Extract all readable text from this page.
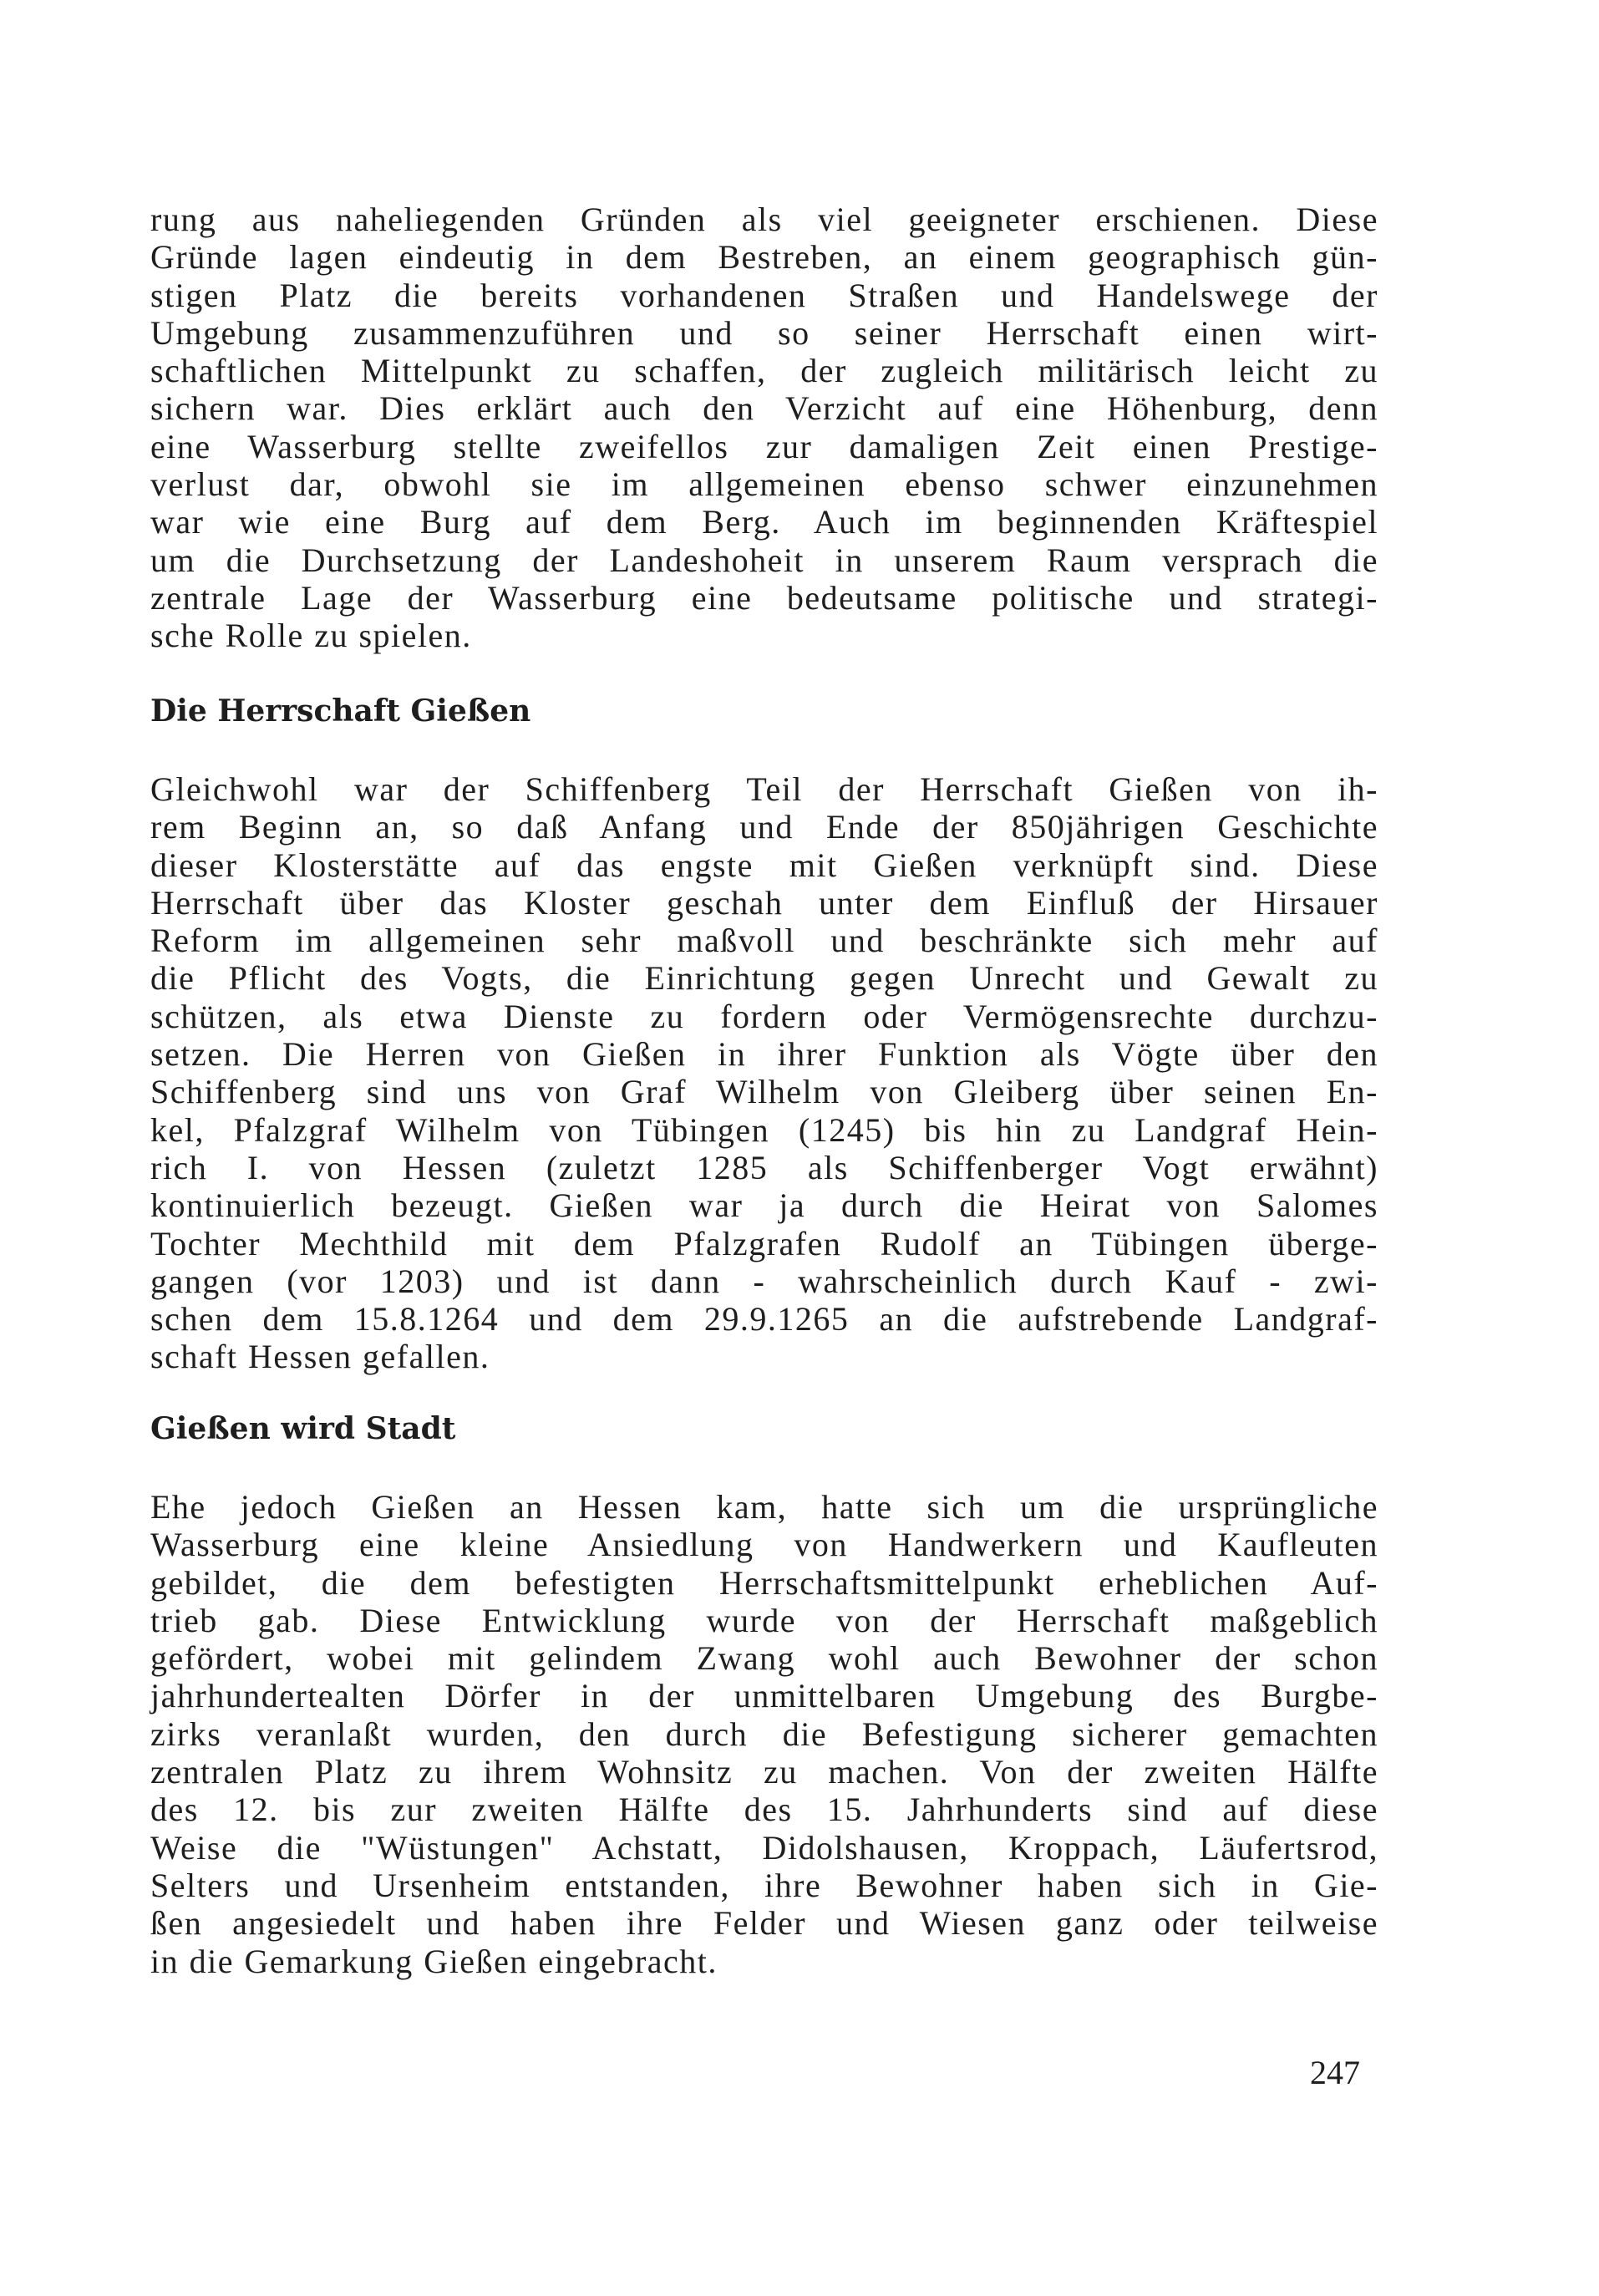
rung aus naheliegenden Gründen als viel geeigneter erschienen. Diese
Gründe lagen eindeutig in dem Bestreben, an einem geographisch gün-
stigen Platz die bereits vorhandenen Straßen und Handelswege der
Umgebung zusammenzuführen und so seiner Herrschaft einen wirt-
schaftlichen Mittelpunkt zu schaffen, der zugleich militärisch leicht zu
sichern war. Dies erklärt auch den Verzicht auf eine Höhenburg, denn
eine Wasserburg stellte zweifellos zur damaligen Zeit einen Prestige-
verlust dar, obwohl sie im allgemeinen ebenso schwer einzunehmen
war wie eine Burg auf dem Berg. Auch im beginnenden Kräftespiel
um die Durchsetzung der Landeshoheit in unserem Raum versprach die
zentrale Lage der Wasserburg eine bedeutsame politische und strategi-
sche Rolle zu spielen.
Die Herrschaft Gießen
Gleichwohl war der Schiffenberg Teil der Herrschaft Gießen von ih-
rem Beginn an, so daß Anfang und Ende der 850jährigen Geschichte
dieser Klosterstätte auf das engste mit Gießen verknüpft sind. Diese
Herrschaft über das Kloster geschah unter dem Einfluß der Hirsauer
Reform im allgemeinen sehr maßvoll und beschränkte sich mehr auf
die Pflicht des Vogts, die Einrichtung gegen Unrecht und Gewalt zu
schützen, als etwa Dienste zu fordern oder Vermögensrechte durchzu-
setzen. Die Herren von Gießen in ihrer Funktion als Vögte über den
Schiffenberg sind uns von Graf Wilhelm von Gleiberg über seinen En-
kel, Pfalzgraf Wilhelm von Tübingen (1245) bis hin zu Landgraf Hein-
rich I. von Hessen (zuletzt 1285 als Schiffenberger Vogt erwähnt)
kontinuierlich bezeugt. Gießen war ja durch die Heirat von Salomes
Tochter Mechthild mit dem Pfalzgrafen Rudolf an Tübingen überge-
gangen (vor 1203) und ist dann - wahrscheinlich durch Kauf - zwi-
schen dem 15.8.1264 und dem 29.9.1265 an die aufstrebende Landgraf-
schaft Hessen gefallen.
Gießen wird Stadt
Ehe jedoch Gießen an Hessen kam, hatte sich um die ursprüngliche
Wasserburg eine kleine Ansiedlung von Handwerkern und Kaufleuten
gebildet, die dem befestigten Herrschaftsmittelpunkt erheblichen Auf-
trieb gab. Diese Entwicklung wurde von der Herrschaft maßgeblich
gefördert, wobei mit gelindem Zwang wohl auch Bewohner der schon
jahrhundertealten Dörfer in der unmittelbaren Umgebung des Burgbe-
zirks veranlaßt wurden, den durch die Befestigung sicherer gemachten
zentralen Platz zu ihrem Wohnsitz zu machen. Von der zweiten Hälfte
des 12. bis zur zweiten Hälfte des 15. Jahrhunderts sind auf diese
Weise die "Wüstungen" Achstatt, Didolshausen, Kroppach, Läufertsrod,
Selters und Ursenheim entstanden, ihre Bewohner haben sich in Gie-
ßen angesiedelt und haben ihre Felder und Wiesen ganz oder teilweise
in die Gemarkung Gießen eingebracht.
247
